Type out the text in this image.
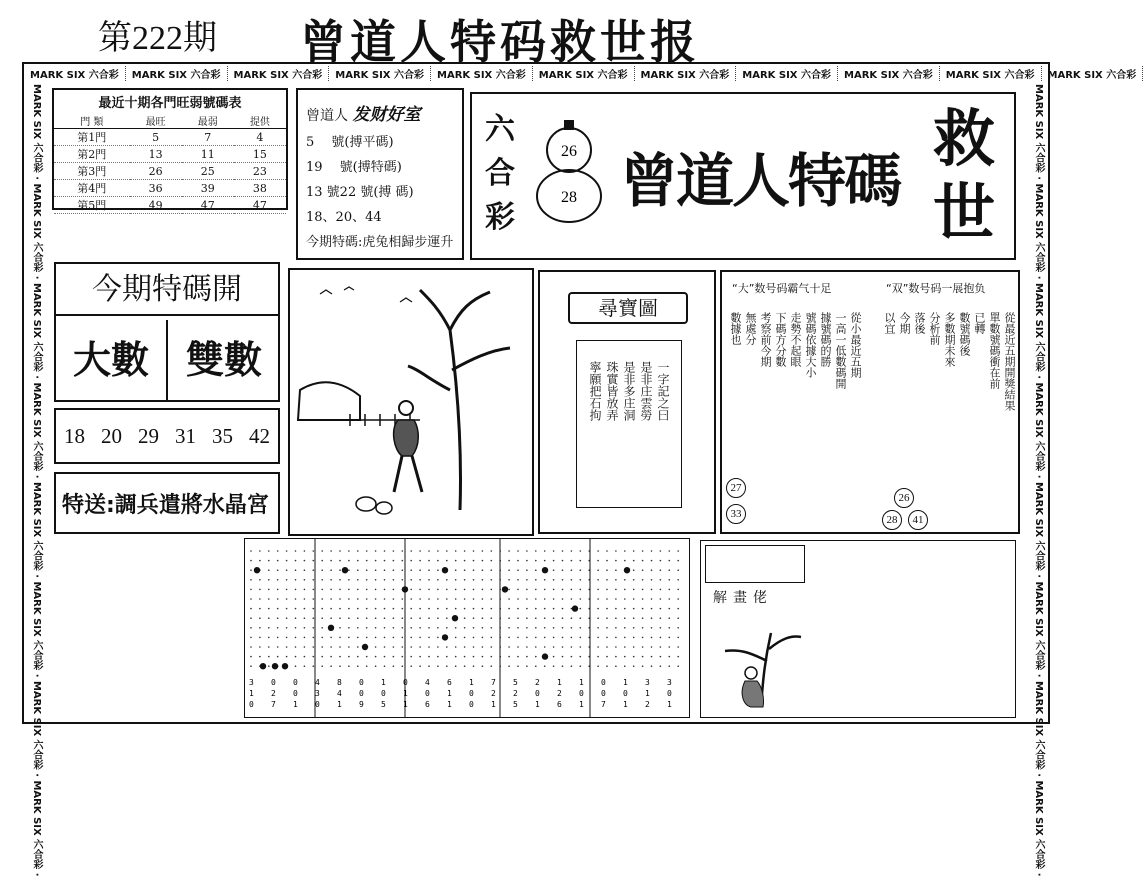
第222期 曾道人特码救世报
MARK SIX 六合彩	MARK SIX 六合彩	MARK SIX 六合彩	MARK SIX 六合彩	MARK SIX 六合彩	MARK SIX 六合彩	MARK SIX 六合彩	MARK SIX 六合彩	MARK SIX 六合彩	MARK SIX 六合彩	MARK SIX 六合彩
MARK SIX 六合彩 · MARK SIX 六合彩 · MARK SIX 六合彩 · MARK SIX 六合彩 · MARK SIX 六合彩 · MARK SIX 六合彩 · MARK SIX 六合彩 · MARK SIX 六合彩 ·	MARK SIX 六合彩 · MARK SIX 六合彩 · MARK SIX 六合彩 · MARK SIX 六合彩 · MARK SIX 六合彩 · MARK SIX 六合彩 · MARK SIX 六合彩 · MARK SIX 六合彩 ·
最近十期各門旺弱號碼表
門 類	最旺	最弱	提供
第1門	5	7	4
第2門	13	11	15
第3門	26	25	23
第4門	36	39	38
第5門	49	47	47
曾道人 发财好室
5 　號(搏平碼)
19 　號(搏特碼)
13 號22 號(搏 碼)
18、20、44
今期特碼:虎兔相歸步運升
六合彩
26
28 曾道人特碼
救世
今期特碼開
大數 雙數
18 20 29 31 35 42
特送:調兵遣將水晶宮
尋寶圖
一字記之曰
是非庄雲勞
是非多庄洞
珠實皆放弄
寧願把石拘
“大”数号码霸气十足	“双”数号码一展抱负
從小最近五期
一高一低數碼開
據號碼的勝
號碼依據大小
走勢不起眼
下碼方分數
考察前今期
無處分
數據也	從最近五期開獎結果
單數號碼衝在前
已轉
數號碼後
多數期未來
分析前
落後
今期
以宜
27
33
26
28	41
3 0 0 4 8 0 1 0 4 6 1 7 5 2 1 1 0 1 3 3
1 2 0 3 4 0 0 1 0 1 0 2 2 0 2 0 0 0 1 0
0 7 1 0 1 9 5 1 6 1 0 1 5 1 6 1 7 1 2 1
解畫佬
